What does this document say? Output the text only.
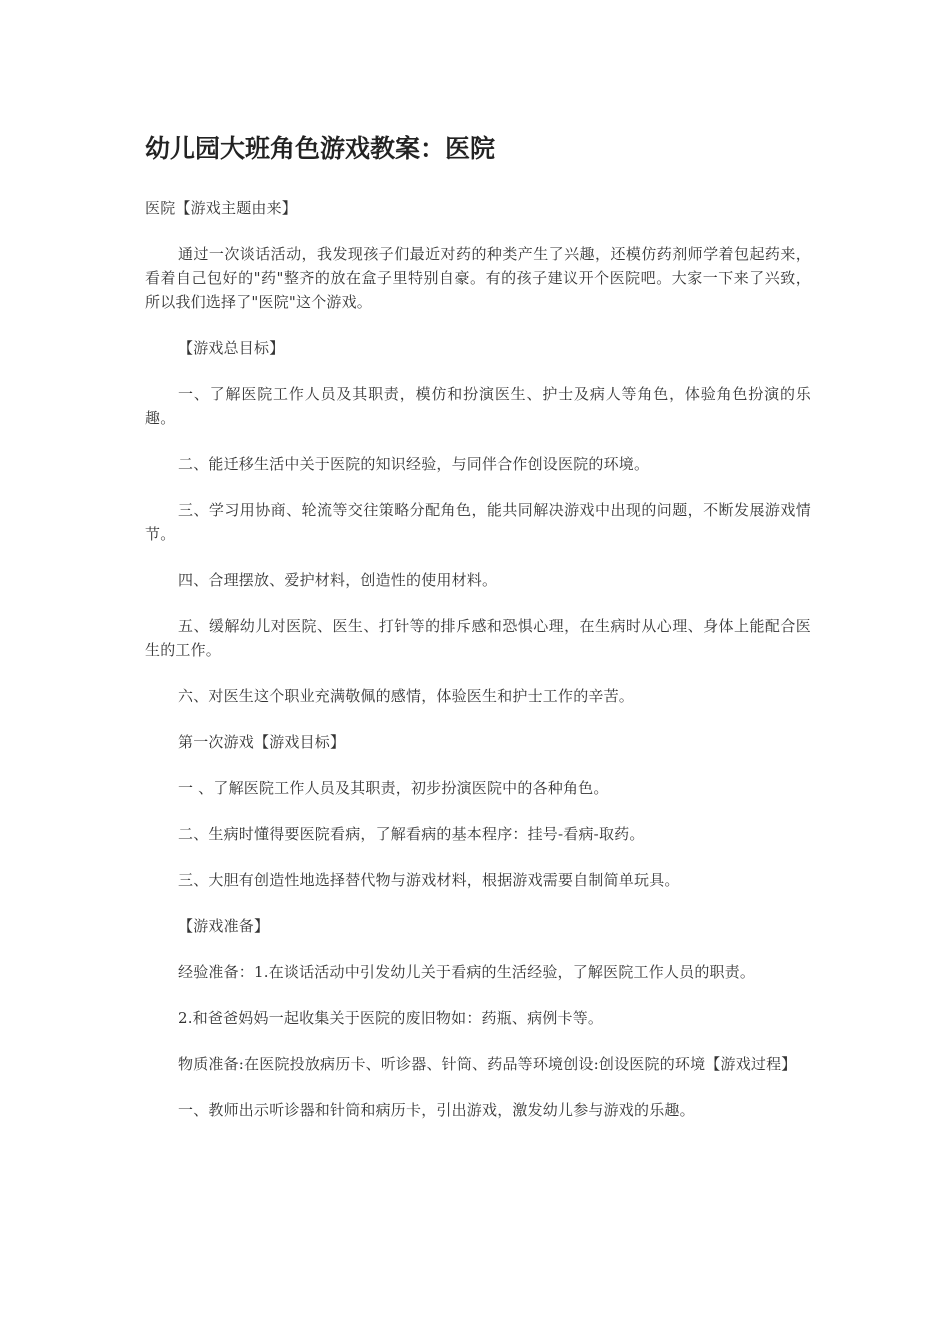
幼儿园大班角色游戏教案：医院

医院【游戏主题由来】

通过一次谈话活动，我发现孩子们最近对药的种类产生了兴趣，还模仿药剂师学着包起药来，看着自己包好的"药"整齐的放在盒子里特别自豪。有的孩子建议开个医院吧。大家一下来了兴致，所以我们选择了"医院"这个游戏。

【游戏总目标】

一、了解医院工作人员及其职责，模仿和扮演医生、护士及病人等角色，体验角色扮演的乐趣。

二、能迁移生活中关于医院的知识经验，与同伴合作创设医院的环境。

三、学习用协商、轮流等交往策略分配角色，能共同解决游戏中出现的问题，不断发展游戏情节。

四、合理摆放、爱护材料，创造性的使用材料。

五、缓解幼儿对医院、医生、打针等的排斥感和恐惧心理，在生病时从心理、身体上能配合医生的工作。

六、对医生这个职业充满敬佩的感情，体验医生和护士工作的辛苦。

第一次游戏【游戏目标】

一 、了解医院工作人员及其职责，初步扮演医院中的各种角色。

二、生病时懂得要医院看病，了解看病的基本程序：挂号-看病-取药。

三、大胆有创造性地选择替代物与游戏材料，根据游戏需要自制简单玩具。

【游戏准备】

经验准备：1.在谈话活动中引发幼儿关于看病的生活经验，了解医院工作人员的职责。

2.和爸爸妈妈一起收集关于医院的废旧物如：药瓶、病例卡等。

物质准备:在医院投放病历卡、听诊器、针筒、药品等环境创设:创设医院的环境【游戏过程】

一、教师出示听诊器和针筒和病历卡，引出游戏，激发幼儿参与游戏的乐趣。
